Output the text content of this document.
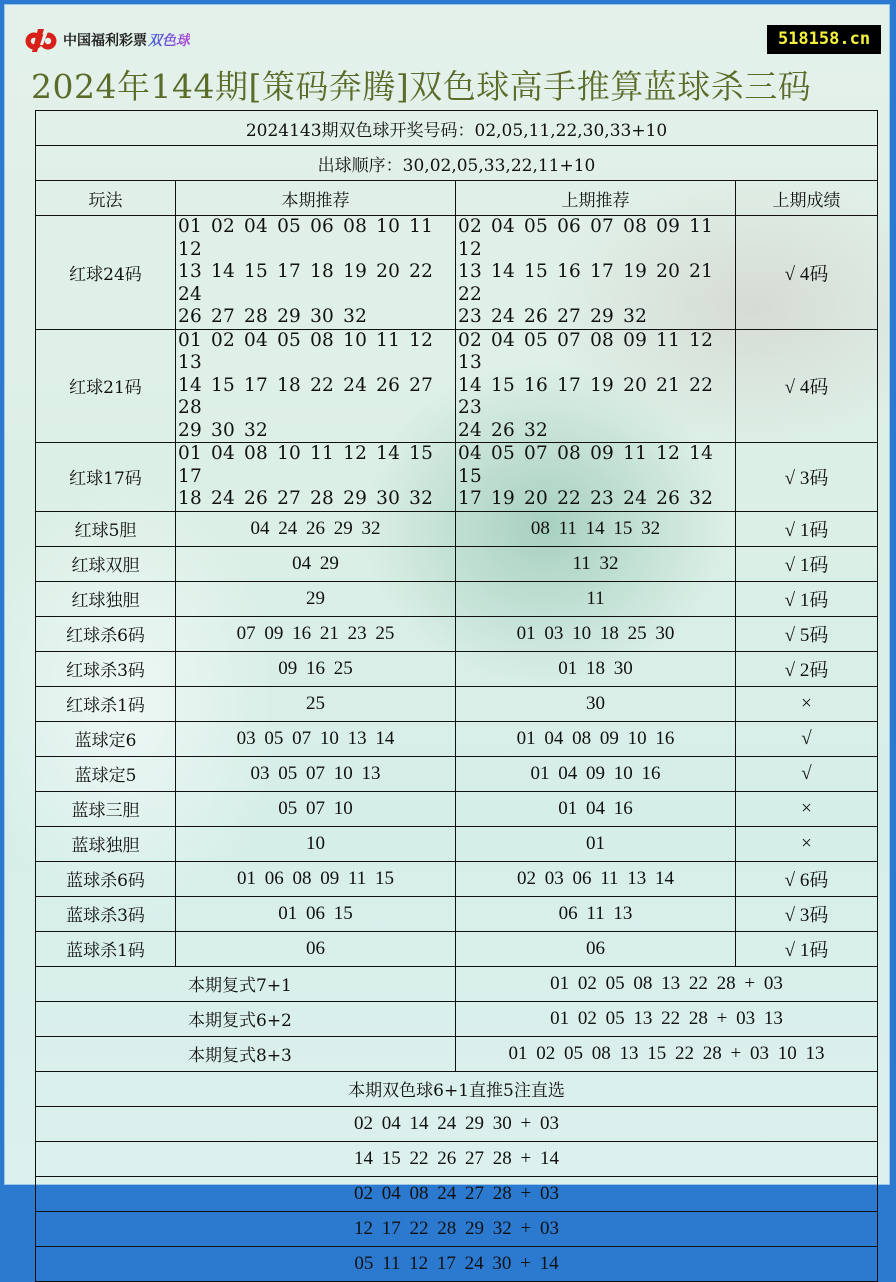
中国福利彩票 双色球	518158.cn
2024年144期[策码奔腾]双色球高手推算蓝球杀三码
2024143期双色球开奖号码：02,05,11,22,30,33+10			
出球顺序：30,02,05,33,22,11+10			
玩法	本期推荐	上期推荐	上期成绩
红球24码	
01 02 04 05 06 08 10 11 12
13 14 15 17 18 19 20 22 24
26 27 28 29 30 32

02 04 05 06 07 08 09 11 12
13 14 15 16 17 19 20 21 22
23 24 26 27 29 32
	√ 4码
红球21码	
01 02 04 05 08 10 11 12 13
14 15 17 18 22 24 26 27 28
29 30 32

02 04 05 07 08 09 11 12 13
14 15 16 17 19 20 21 22 23
24 26 32
	√ 4码
红球17码	
01 04 08 10 11 12 14 15 17
18 24 26 27 28 29 30 32

04 05 07 08 09 11 12 14 15
17 19 20 22 23 24 26 32
	√ 3码
红球5胆	04 24 26 29 32	08 11 14 15 32	√ 1码
红球双胆	04 29	11 32	√ 1码
红球独胆	29	11	√ 1码
红球杀6码	07 09 16 21 23 25	01 03 10 18 25 30	√ 5码
红球杀3码	09 16 25	01 18 30	√ 2码
红球杀1码	25	30	×
蓝球定6	03 05 07 10 13 14	01 04 08 09 10 16	√
蓝球定5	03 05 07 10 13	01 04 09 10 16	√
蓝球三胆	05 07 10	01 04 16	×
蓝球独胆	10	01	×
蓝球杀6码	01 06 08 09 11 15	02 03 06 11 13 14	√ 6码
蓝球杀3码	01 06 15	06 11 13	√ 3码
蓝球杀1码	06	06	√ 1码
本期复式7+1		01 02 05 08 13 22 28 + 03	
本期复式6+2		01 02 05 13 22 28 + 03 13	
本期复式8+3		01 02 05 08 13 15 22 28 + 03 10 13	
本期双色球6+1直推5注直选			
02 04 14 24 29 30 + 03			
14 15 22 26 27 28 + 14			
02 04 08 24 27 28 + 03			
12 17 22 28 29 32 + 03			
05 11 12 17 24 30 + 14			
